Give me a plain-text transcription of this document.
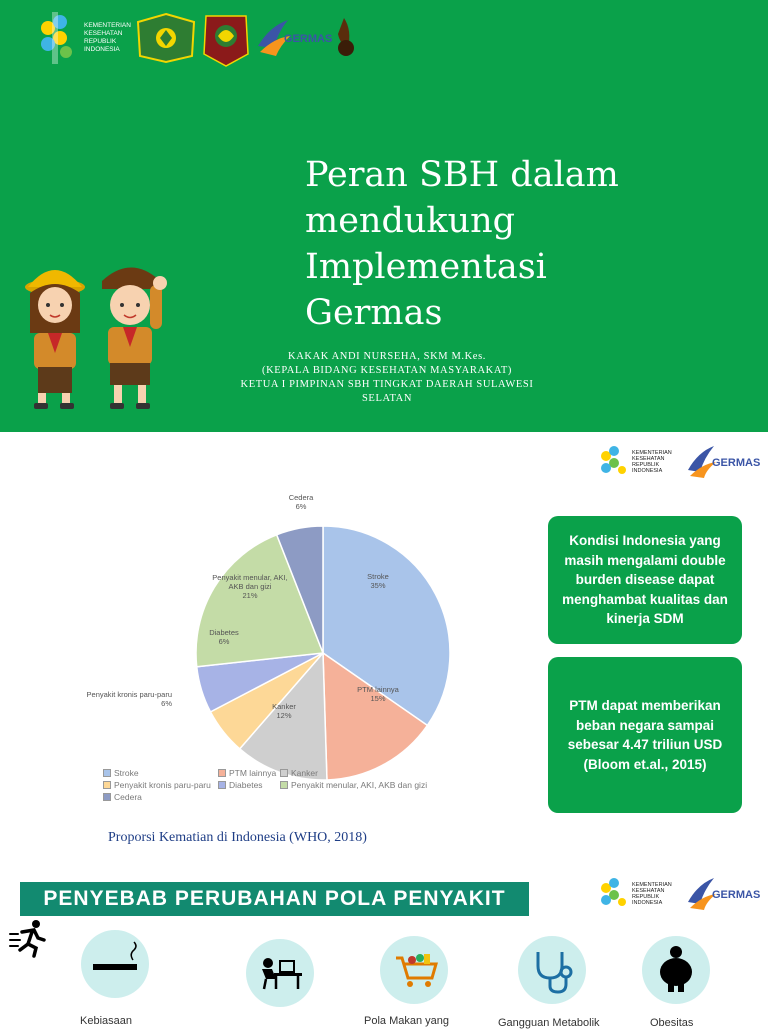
KEMENTERIAN
KESEHATAN
REPUBLIK
INDONESIA
GERMAS
Peran SBH dalam
mendukung
Implementasi
Germas
KAKAK ANDI NURSEHA, SKM M.Kes.
(KEPALA BIDANG KESEHATAN MASYARAKAT)
KETUA I PIMPINAN SBH TINGKAT DAERAH SULAWESI
SELATAN
KEMENTERIAN
KESEHATAN
REPUBLIK
INDONESIA
GERMAS
Stroke
35%
PTM lainnya
15%
Kanker
12%
Penyakit kronis paru-paru
6%
Diabetes
6%
Penyakit menular, AKI,
AKB dan gizi
21%
Cedera
6%
Stroke	PTM lainnya Kanker
Penyakit kronis paru-paru Diabetes	Penyakit menular, AKI, AKB dan gizi
Cedera
Proporsi Kematian di Indonesia (WHO, 2018)
Kondisi Indonesia yang masih mengalami double burden disease dapat menghambat kualitas dan kinerja SDM
PTM dapat memberikan beban negara sampai sebesar 4.47 triliun USD (Bloom et.al., 2015)
PENYEBAB PERUBAHAN POLA PENYAKIT
KEMENTERIAN
KESEHATAN
REPUBLIK
INDONESIA
GERMAS
Kebiasaan	Pola Makan yang	Gangguan Metabolik	Obesitas
